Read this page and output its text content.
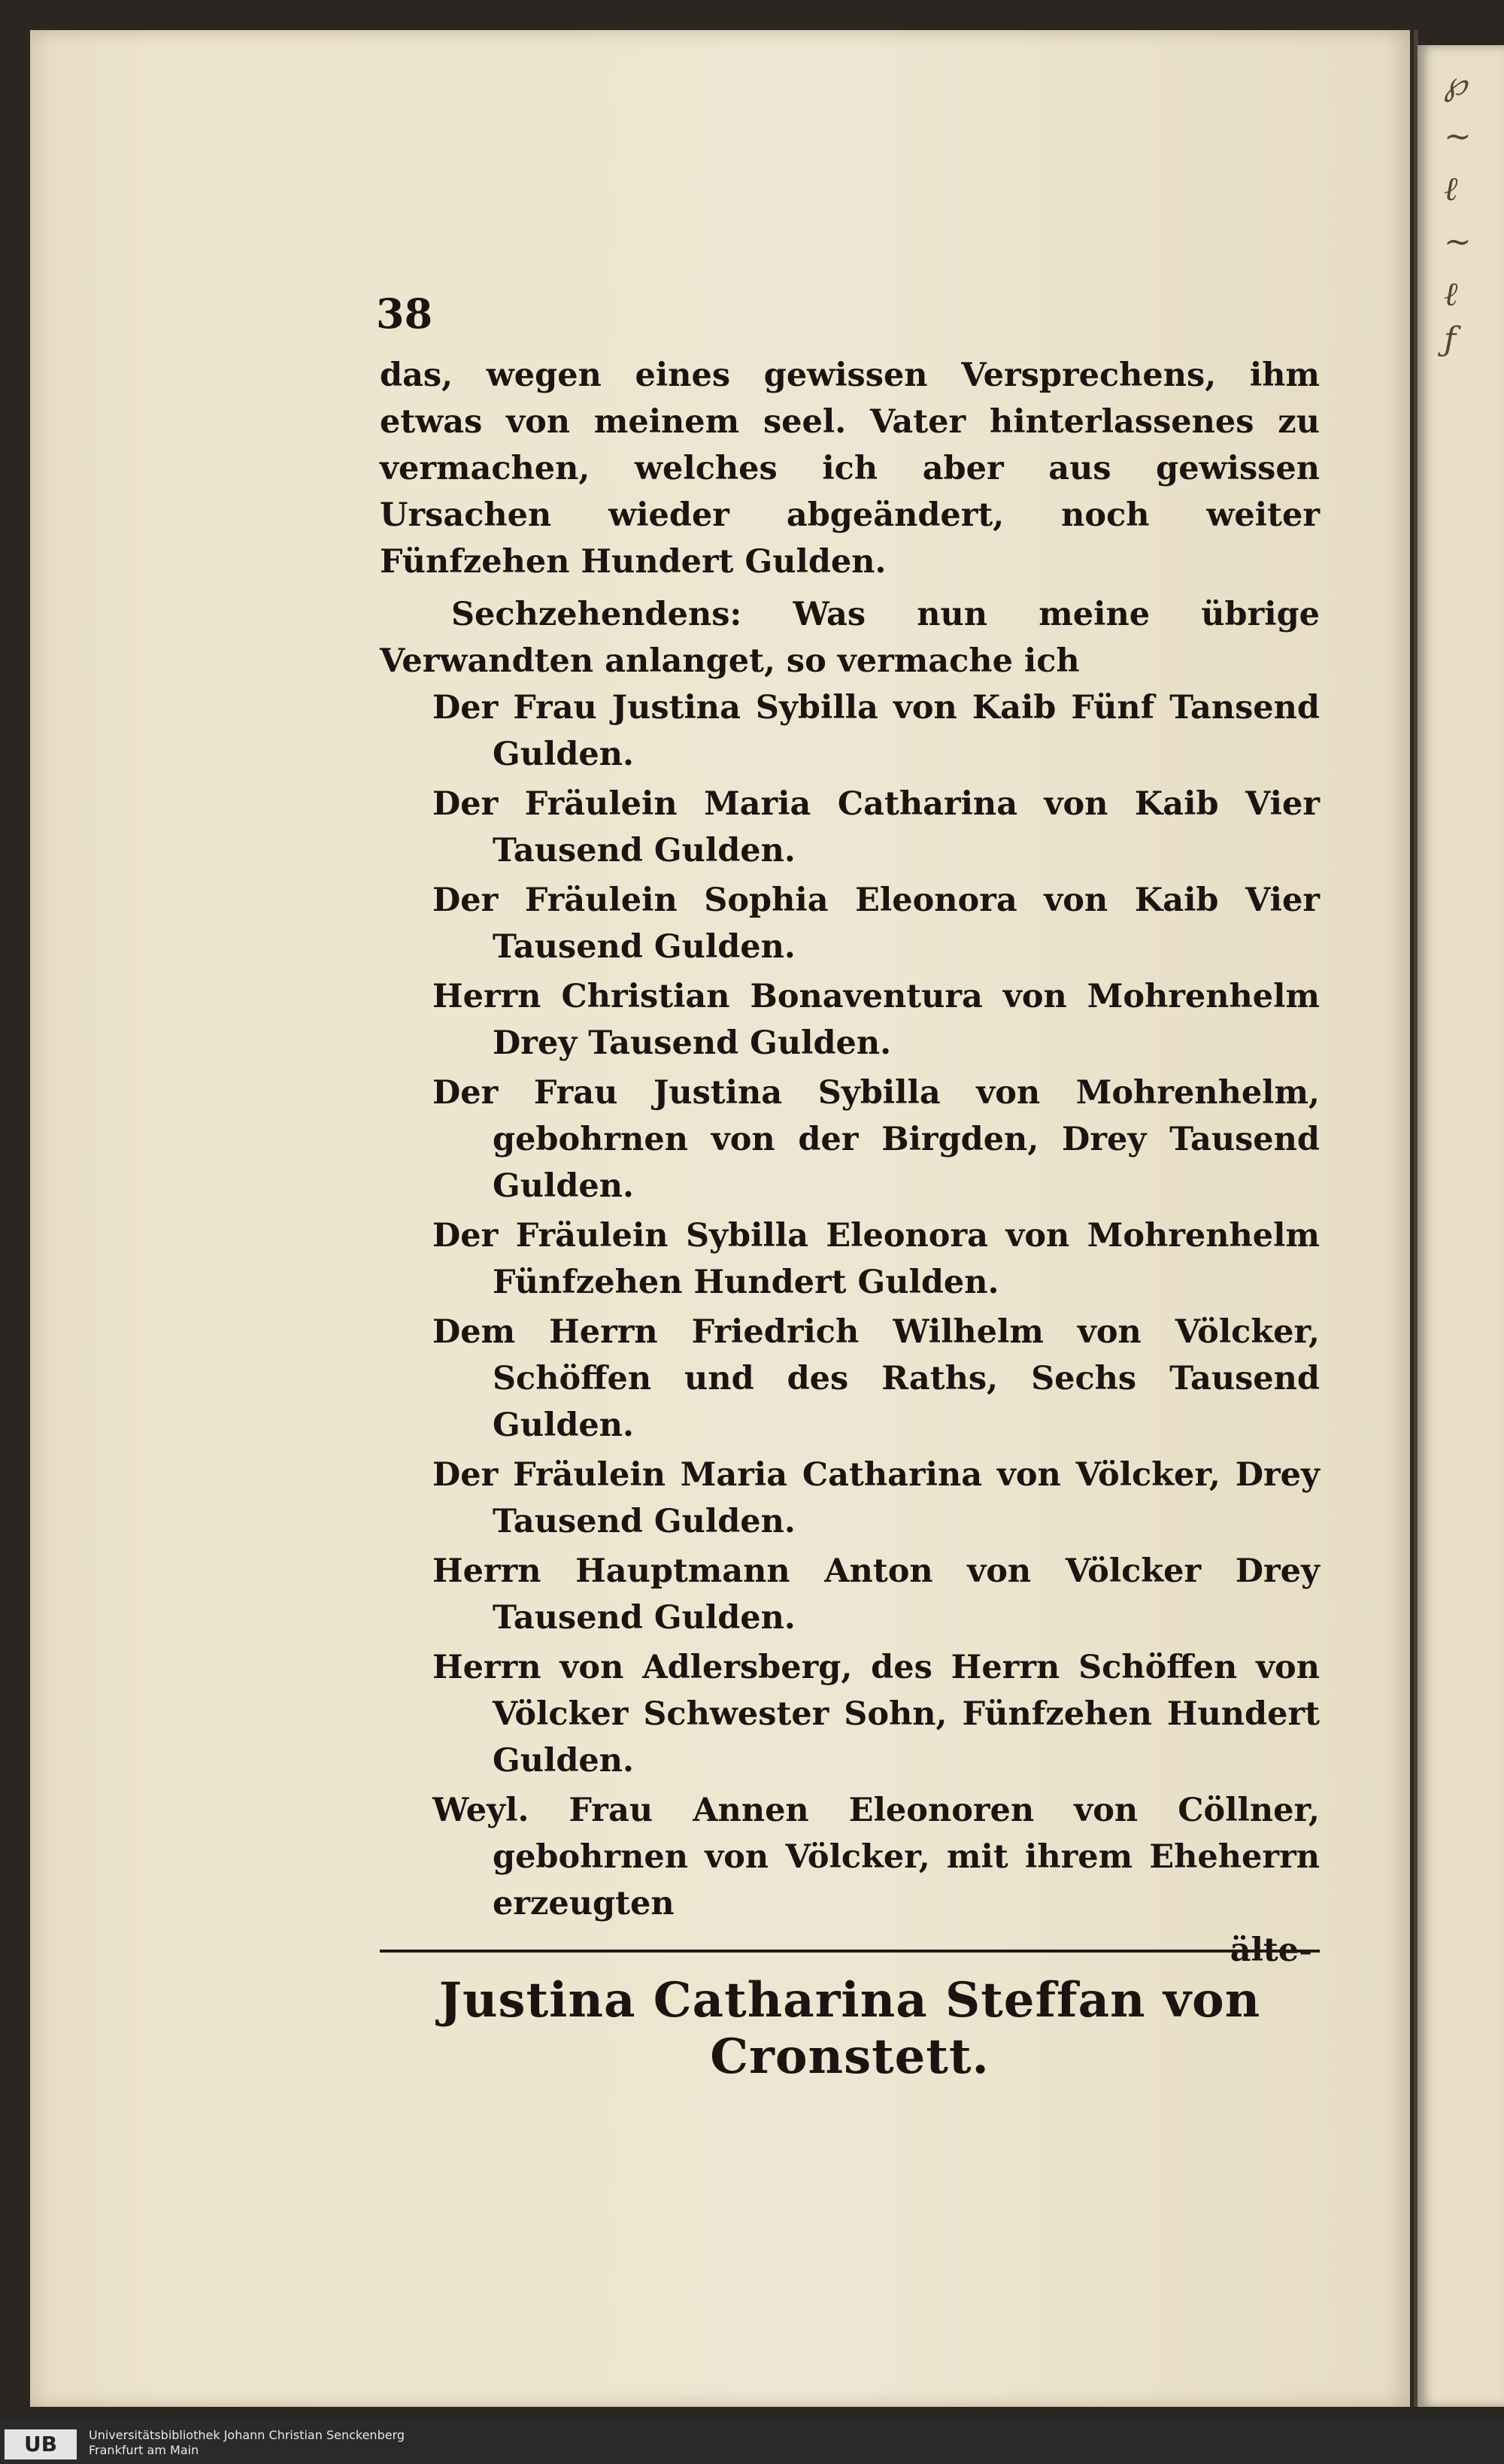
℘
~
ℓ
~
ℓ
ƒ
38

das, wegen eines gewissen Versprechens, ihm etwas von meinem seel. Vater hinterlassenes zu vermachen, welches ich aber aus gewissen Ursachen wieder abgeändert, noch weiter Fünfzehen Hundert Gulden.

Sechzehendens: Was nun meine übrige Verwandten anlanget, so vermache ich

Der Frau Justina Sybilla von Kaib Fünf Tansend Gulden.

Der Fräulein Maria Catharina von Kaib Vier Tausend Gulden.

Der Fräulein Sophia Eleonora von Kaib Vier Tausend Gulden.

Herrn Christian Bonaventura von Mohrenhelm Drey Tausend Gulden.

Der Frau Justina Sybilla von Mohrenhelm, gebohrnen von der Birgden, Drey Tausend Gulden.

Der Fräulein Sybilla Eleonora von Mohrenhelm Fünfzehen Hundert Gulden.

Dem Herrn Friedrich Wilhelm von Völcker, Schöffen und des Raths, Sechs Tausend Gulden.

Der Fräulein Maria Catharina von Völcker, Drey Tausend Gulden.

Herrn Hauptmann Anton von Völcker Drey Tausend Gulden.

Herrn von Adlersberg, des Herrn Schöffen von Völcker Schwester Sohn, Fünfzehen Hundert Gulden.

Weyl. Frau Annen Eleonoren von Cöllner, gebohrnen von Völcker, mit ihrem Eheherrn erzeugten

älte-

Justina Catharina Steffan von Cronstett.
UB	Universitätsbibliothek Johann Christian Senckenberg
Frankfurt am Main
